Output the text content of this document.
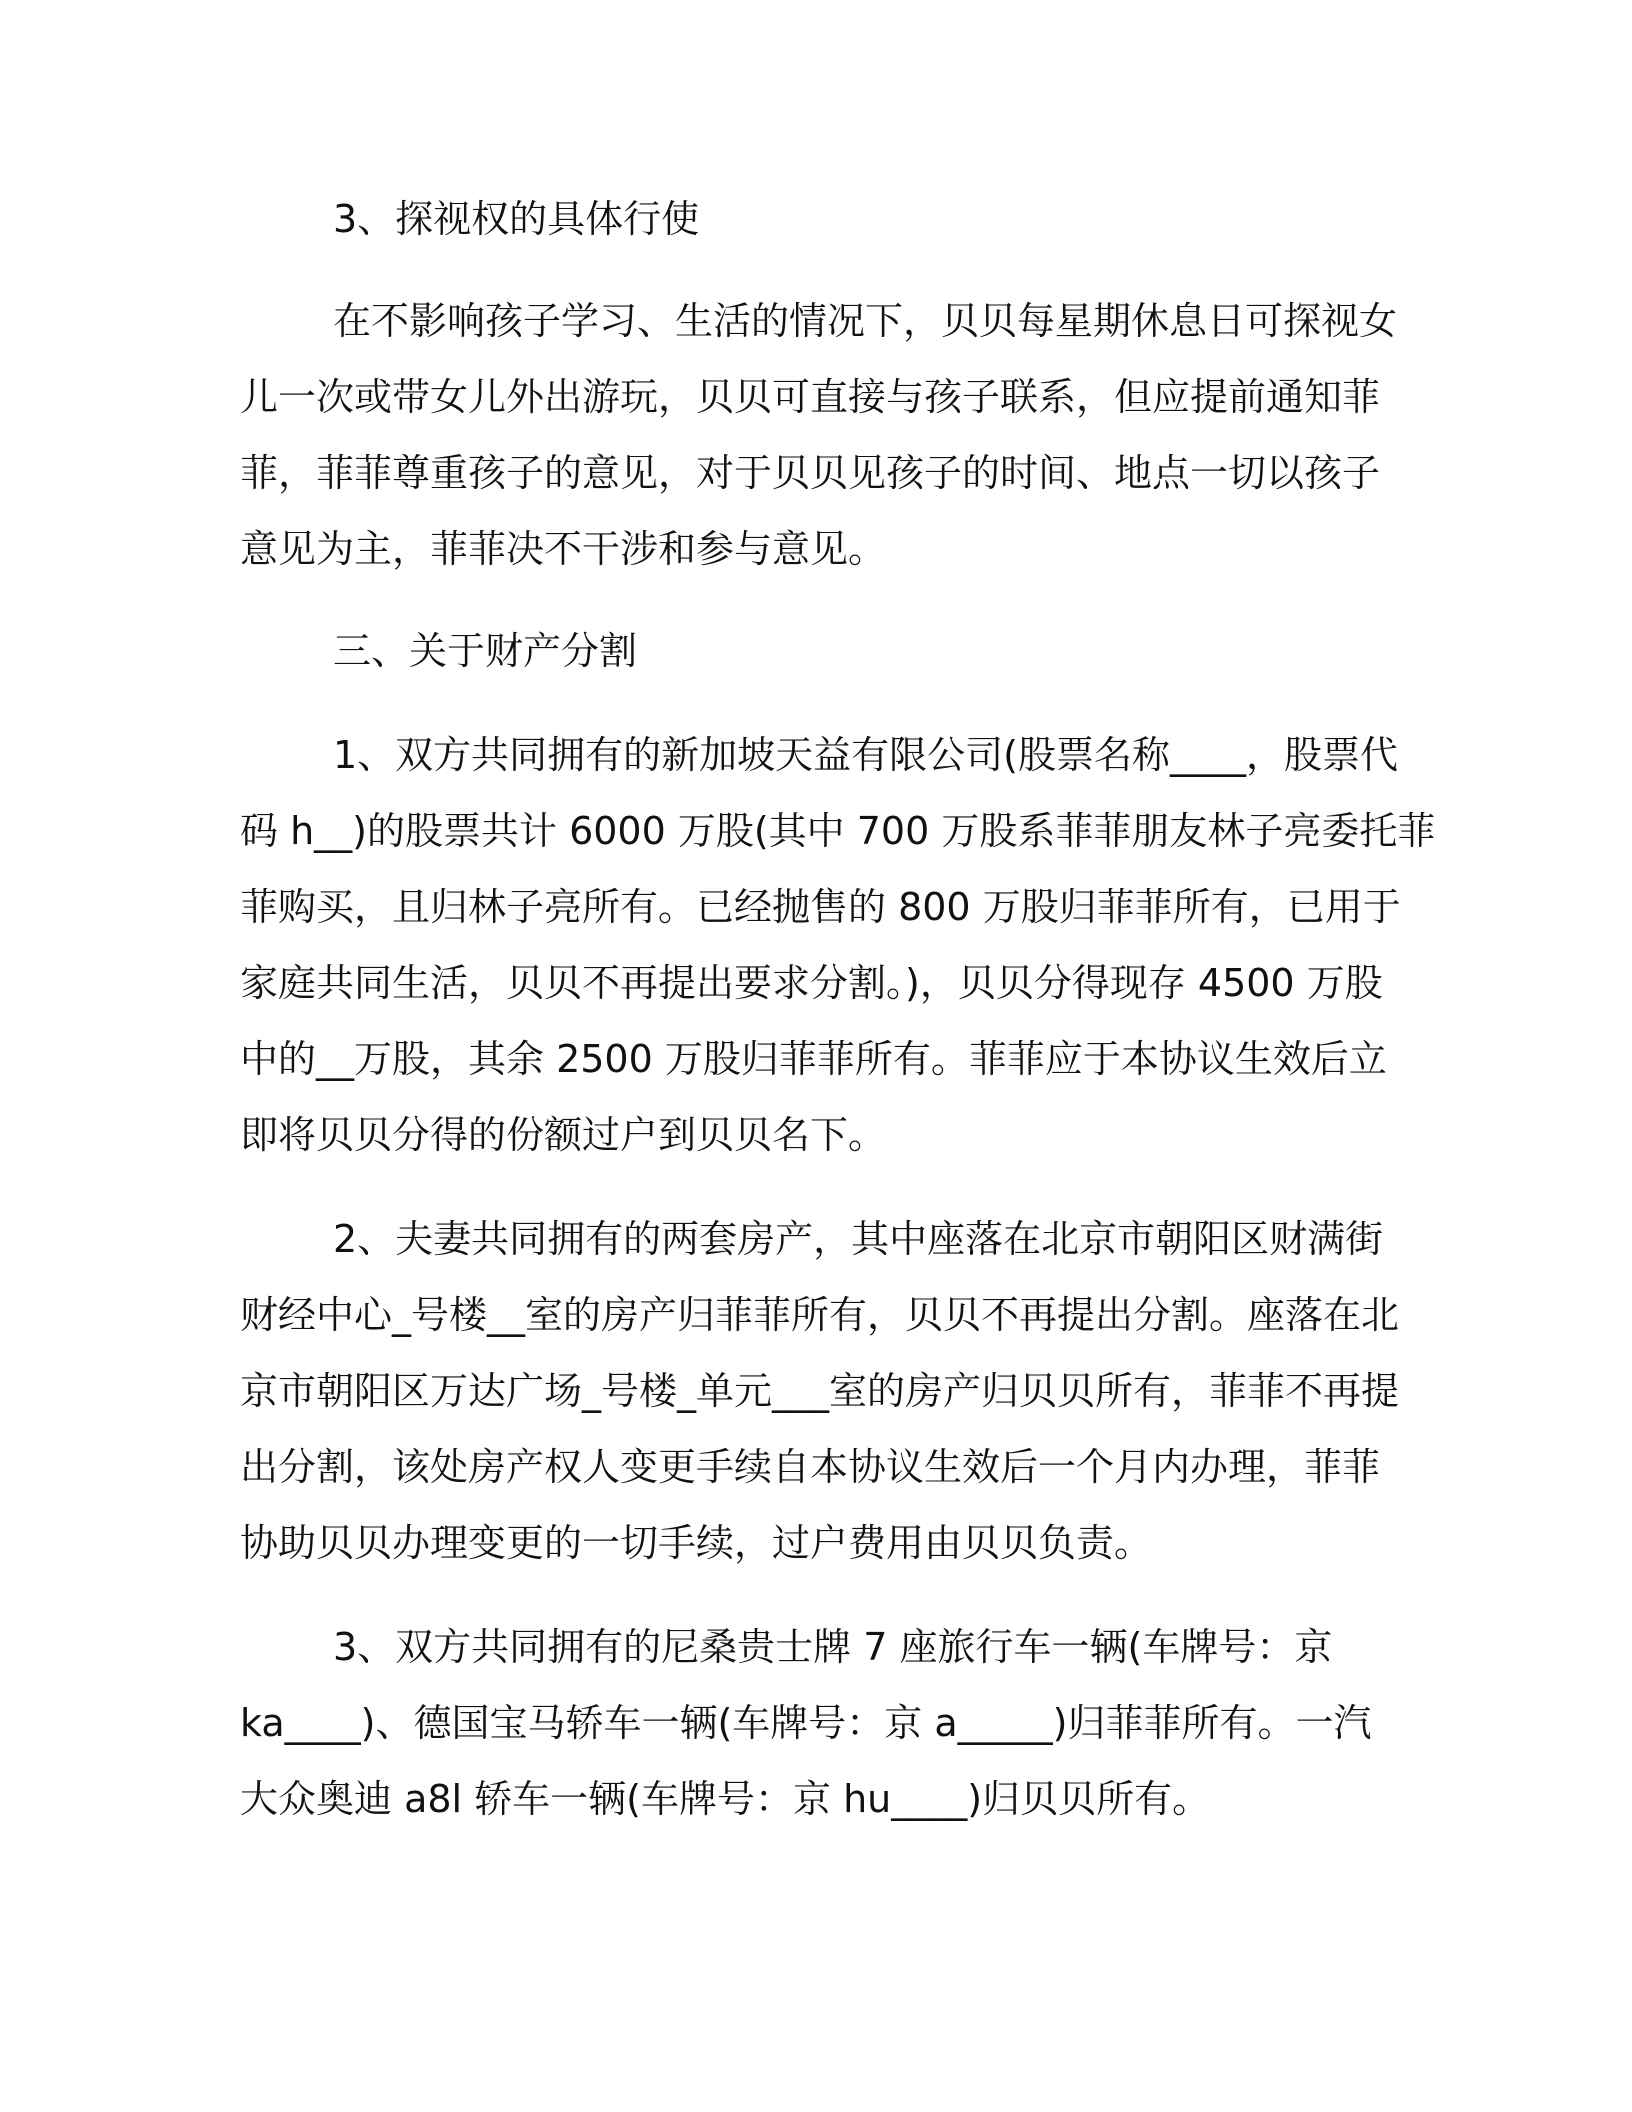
3、探视权的具体行使
在不影响孩子学习、生活的情况下，贝贝每星期休息日可探视女
儿一次或带女儿外出游玩，贝贝可直接与孩子联系，但应提前通知菲
菲，菲菲尊重孩子的意见，对于贝贝见孩子的时间、地点一切以孩子
意见为主，菲菲决不干涉和参与意见。
三、关于财产分割
1、双方共同拥有的新加坡天益有限公司(股票名称____，股票代
码 h__)的股票共计 6000 万股(其中 700 万股系菲菲朋友林子亮委托菲
菲购买，且归林子亮所有。已经抛售的 800 万股归菲菲所有，已用于
家庭共同生活，贝贝不再提出要求分割。)，贝贝分得现存 4500 万股
中的__万股，其余 2500 万股归菲菲所有。菲菲应于本协议生效后立
即将贝贝分得的份额过户到贝贝名下。
2、夫妻共同拥有的两套房产，其中座落在北京市朝阳区财满街
财经中心_号楼__室的房产归菲菲所有，贝贝不再提出分割。座落在北
京市朝阳区万达广场_号楼_单元___室的房产归贝贝所有，菲菲不再提
出分割，该处房产权人变更手续自本协议生效后一个月内办理，菲菲
协助贝贝办理变更的一切手续，过户费用由贝贝负责。
3、双方共同拥有的尼桑贵士牌 7 座旅行车一辆(车牌号：京
ka____)、德国宝马轿车一辆(车牌号：京 a_____)归菲菲所有。一汽
大众奥迪 a8l 轿车一辆(车牌号：京 hu____)归贝贝所有。
